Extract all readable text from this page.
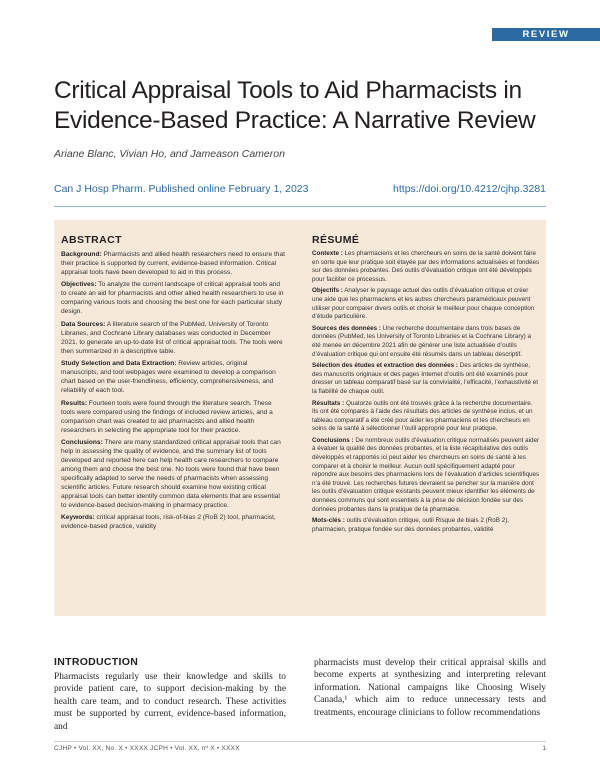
REVIEW
Critical Appraisal Tools to Aid Pharmacists in Evidence-Based Practice: A Narrative Review
Ariane Blanc, Vivian Ho, and Jameason Cameron
Can J Hosp Pharm. Published online February 1, 2023	https://doi.org/10.4212/cjhp.3281
ABSTRACT

Background: Pharmacists and allied health researchers need to ensure that their practice is supported by current, evidence-based information. Critical appraisal tools have been developed to aid in this process.

Objectives: To analyze the current landscape of critical appraisal tools and to create an aid for pharmacists and other allied health researchers to use in comparing various tools and choosing the best one for each particular study design.

Data Sources: A literature search of the PubMed, University of Toronto Libraries, and Cochrane Library databases was conducted in December 2021, to generate an up-to-date list of critical appraisal tools. The tools were then summarized in a descriptive table.

Study Selection and Data Extraction: Review articles, original manuscripts, and tool webpages were examined to develop a comparison chart based on the user-friendliness, efficiency, comprehensiveness, and reliability of each tool.

Results: Fourteen tools were found through the literature search. These tools were compared using the findings of included review articles, and a comparison chart was created to aid pharmacists and allied health researchers in selecting the appropriate tool for their practice.

Conclusions: There are many standardized critical appraisal tools that can help in assessing the quality of evidence, and the summary list of tools developed and reported here can help health care researchers to compare among them and choose the best one. No tools were found that have been specifically adapted to serve the needs of pharmacists when assessing scientific articles. Future research should examine how existing critical appraisal tools can better identify common data elements that are essential to evidence-based decision-making in pharmacy practice.

Keywords: critical appraisal tools, risk-of-bias 2 (RoB 2) tool, pharmacist, evidence-based practice, validity

RÉSUMÉ

Contexte : Les pharmaciens et les chercheurs en soins de la santé doivent faire en sorte que leur pratique soit étayée par des informations actualisées et fondées sur des données probantes. Des outils d’évaluation critique ont été développés pour faciliter ce processus.

Objectifs : Analyser le paysage actuel des outils d’évaluation critique et créer une aide que les pharmaciens et les autres chercheurs paramédicaux peuvent utiliser pour comparer divers outils et choisir le meilleur pour chaque conception d’étude particulière.

Sources des données : Une recherche documentaire dans trois bases de données (PubMed, les University of Toronto Libraries et la Cochrane Library) a été menée en décembre 2021 afin de générer une liste actualisée d’outils d’évaluation critique qui ont ensuite été résumés dans un tableau descriptif.

Sélection des études et extraction des données : Des articles de synthèse, des manuscrits originaux et des pages Internet d’outils ont été examinés pour dresser un tableau comparatif basé sur la convivialité, l’efficacité, l’exhaustivité et la fiabilité de chaque outil.

Résultats : Quatorze outils ont été trouvés grâce à la recherche documentaire. Ils ont été comparés à l’aide des résultats des articles de synthèse inclus, et un tableau comparatif a été créé pour aider les pharmaciens et les chercheurs en soins de la santé à sélectionner l’outil approprié pour leur pratique.

Conclusions : De nombreux outils d’évaluation critique normalisés peuvent aider à évaluer la qualité des données probantes, et la liste récapitulative des outils développés et rapportés ici peut aider les chercheurs en soins de santé à les comparer et à choisir le meilleur. Aucun outil spécifiquement adapté pour répondre aux besoins des pharmaciens lors de l’évaluation d’articles scientifiques n’a été trouvé. Les recherches futures devraient se pencher sur la manière dont les outils d’évaluation critique existants peuvent mieux identifier les éléments de données communs qui sont essentiels à la prise de décision fondée sur des données probantes dans la pratique de la pharmacie.

Mots-clés : outils d’évaluation critique, outil Risque de biais 2 (RoB 2), pharmacien, pratique fondée sur des données probantes, validité

INTRODUCTION

Pharmacists regularly use their knowledge and skills to provide patient care, to support decision-making by the health care team, and to conduct research. These activities must be supported by current, evidence-based information, and

pharmacists must develop their critical appraisal skills and become experts at synthesizing and interpreting relevant information. National campaigns like Choosing Wisely Canada,¹ which aim to reduce unnecessary tests and treatments, encourage clinicians to follow recommendations

CJHP • Vol. XX, No. X • XXXX JCPH • Vol. XX, nº X • XXXX	1
